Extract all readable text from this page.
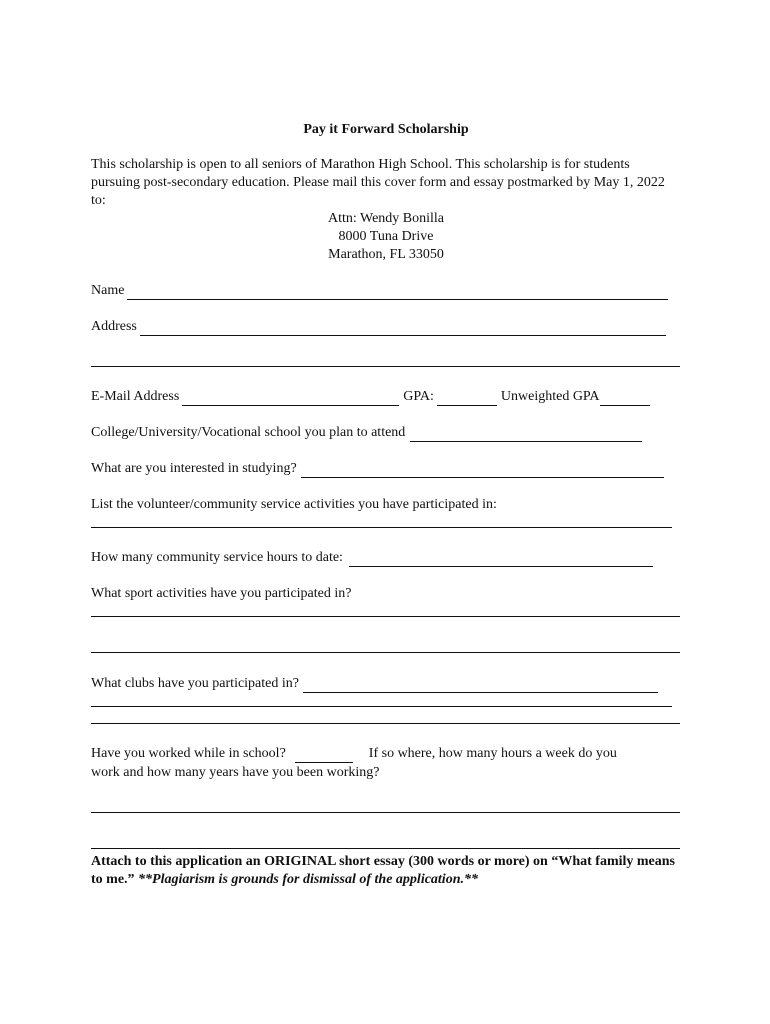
Pay it Forward Scholarship
This scholarship is open to all seniors of Marathon High School. This scholarship is for students pursuing post-secondary education. Please mail this cover form and essay postmarked by May 1, 2022 to:
Attn: Wendy Bonilla
8000 Tuna Drive
Marathon, FL 33050
Name
Address
E-Mail Address	GPA:	Unweighted GPA
College/University/Vocational school you plan to attend
What are you interested in studying?
List the volunteer/community service activities you have participated in:
How many community service hours to date:
What sport activities have you participated in?
What clubs have you participated in?
Have you worked while in school?	If so where, how many hours a week do you
work and how many years have you been working?
Attach to this application an ORIGINAL short essay (300 words or more) on “What family means to me.” **Plagiarism is grounds for dismissal of the application.**
